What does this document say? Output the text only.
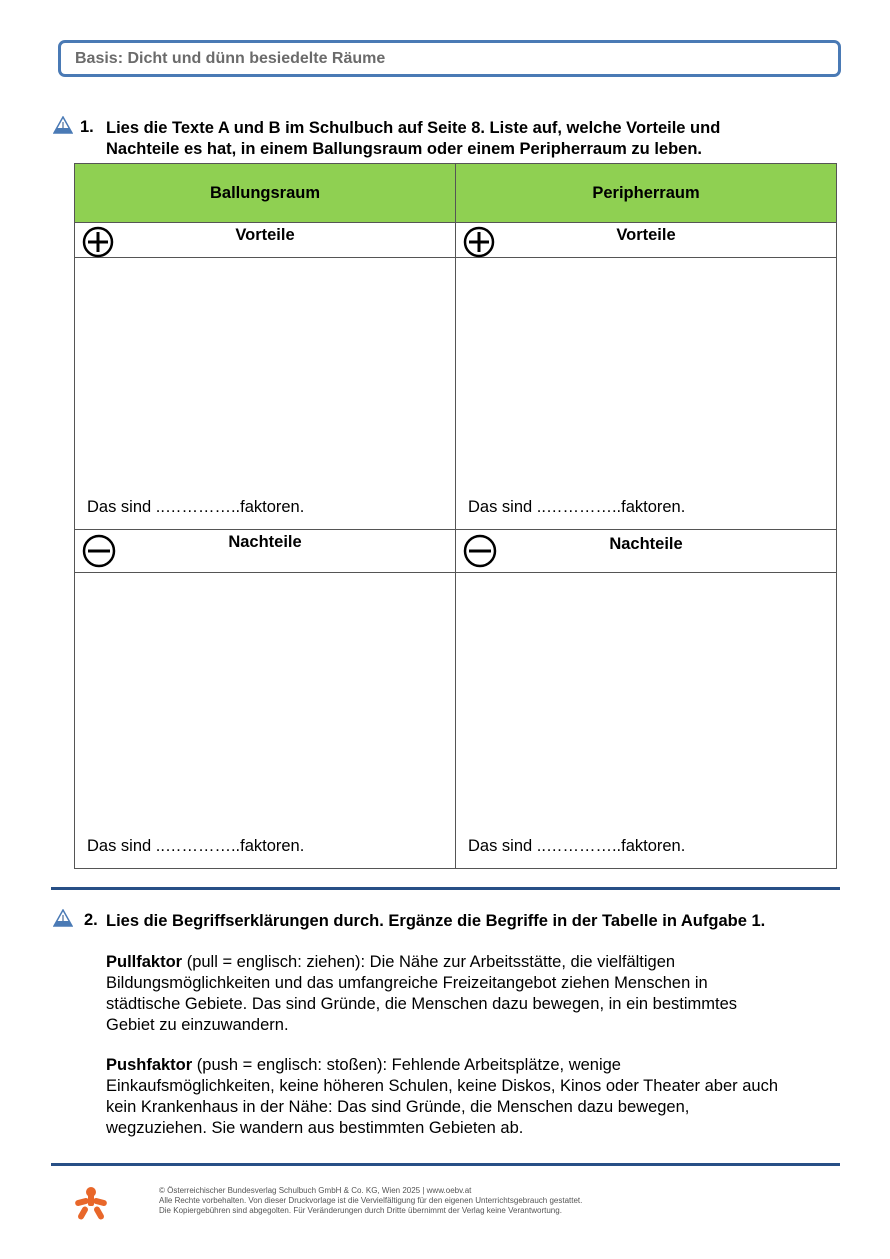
Basis: Dicht und dünn besiedelte Räume
1. Lies die Texte A und B im Schulbuch auf Seite 8. Liste auf, welche Vorteile und
Nachteile es hat, in einem Ballungsraum oder einem Peripherraum zu leben.
Ballungsraum	Peripherraum

Vorteile	Vorteile

Das sind ..…………..faktoren.	Das sind ..…………..faktoren.

Nachteile	Nachteile

Das sind ..…………..faktoren.	Das sind ..…………..faktoren.
2. Lies die Begriffserklärungen durch. Ergänze die Begriffe in der Tabelle in Aufgabe 1.
Pullfaktor (pull = englisch: ziehen): Die Nähe zur Arbeitsstätte, die vielfältigen
Bildungsmöglichkeiten und das umfangreiche Freizeitangebot ziehen Menschen in
städtische Gebiete. Das sind Gründe, die Menschen dazu bewegen, in ein bestimmtes
Gebiet zu einzuwandern.
Pushfaktor (push = englisch: stoßen): Fehlende Arbeitsplätze, wenige
Einkaufsmöglichkeiten, keine höheren Schulen, keine Diskos, Kinos oder Theater aber auch
kein Krankenhaus in der Nähe: Das sind Gründe, die Menschen dazu bewegen,
wegzuziehen. Sie wandern aus bestimmten Gebieten ab.
© Österreichischer Bundesverlag Schulbuch GmbH & Co. KG, Wien 2025 | www.oebv.at
Alle Rechte vorbehalten. Von dieser Druckvorlage ist die Vervielfältigung für den eigenen Unterrichtsgebrauch gestattet.
Die Kopiergebühren sind abgegolten. Für Veränderungen durch Dritte übernimmt der Verlag keine Verantwortung.
